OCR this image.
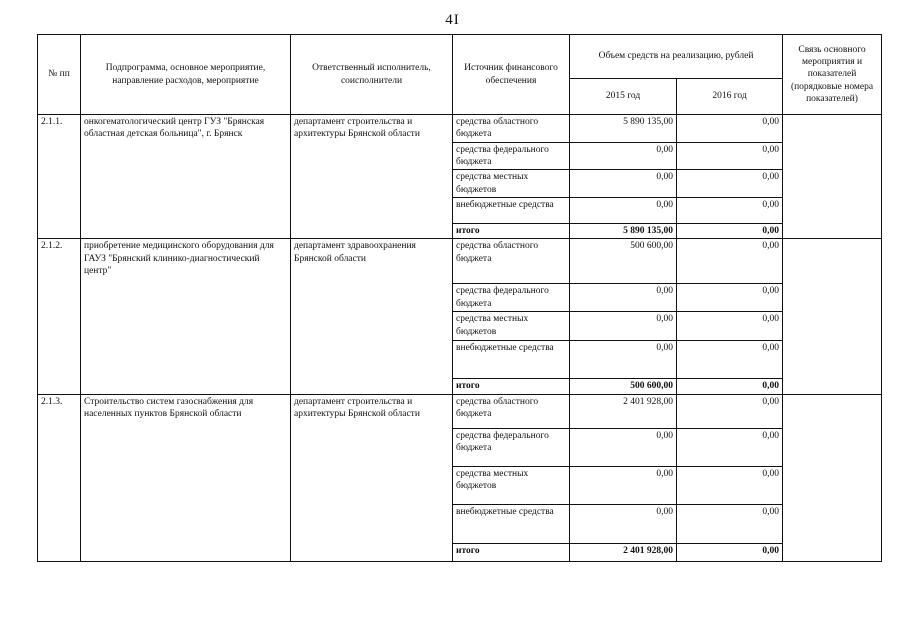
4I
№ пп	Подпрограмма, основное мероприятие, направление расходов, мероприятие	Ответственный исполнитель, соисполнители	Источник финансового обеспечения	Объем средств на реализацию, рублей		Связь основного мероприятия и показателей (порядковые номера показателей)
				2015 год	2016 год	
2.1.1.	онкогематологический центр ГУЗ "Брянская областная детская больница", г. Брянск	департамент строительства и архитектуры Брянской области	средства областного бюджета	5 890 135,00	0,00	
			средства федерального бюджета	0,00	0,00	
			средства местных бюджетов	0,00	0,00	
			внебюджетные средства	0,00	0,00	
			итого	5 890 135,00	0,00	
2.1.2.	приобретение медицинского оборудования для ГАУЗ "Брянский клинико-диагностический центр"	департамент здравоохранения Брянской области	средства областного бюджета	500 600,00	0,00	
			средства федерального бюджета	0,00	0,00	
			средства местных бюджетов	0,00	0,00	
			внебюджетные средства	0,00	0,00	
			итого	500 600,00	0,00	
2.1.3.	Строительство систем газоснабжения для населенных пунктов Брянской области	департамент строительства и архитектуры Брянской области	средства областного бюджета	2 401 928,00	0,00	
			средства федерального бюджета	0,00	0,00	
			средства местных бюджетов	0,00	0,00	
			внебюджетные средства	0,00	0,00	
			итого	2 401 928,00	0,00	
